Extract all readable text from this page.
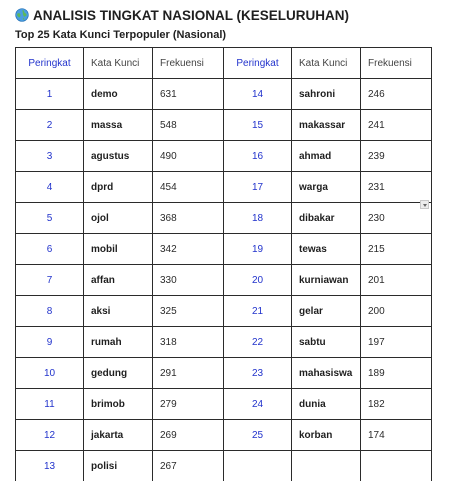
ANALISIS TINGKAT NASIONAL (KESELURUHAN)
Top 25 Kata Kunci Terpopuler (Nasional)
Peringkat	Kata Kunci	Frekuensi	Peringkat	Kata Kunci	Frekuensi
1	demo	631	14	sahroni	246
2	massa	548	15	makassar	241
3	agustus	490	16	ahmad	239
4	dprd	454	17	warga	231
5	ojol	368	18	dibakar	230
6	mobil	342	19	tewas	215
7	affan	330	20	kurniawan	201
8	aksi	325	21	gelar	200
9	rumah	318	22	sabtu	197
10	gedung	291	23	mahasiswa	189
11	brimob	279	24	dunia	182
12	jakarta	269	25	korban	174
13	polisi	267			
